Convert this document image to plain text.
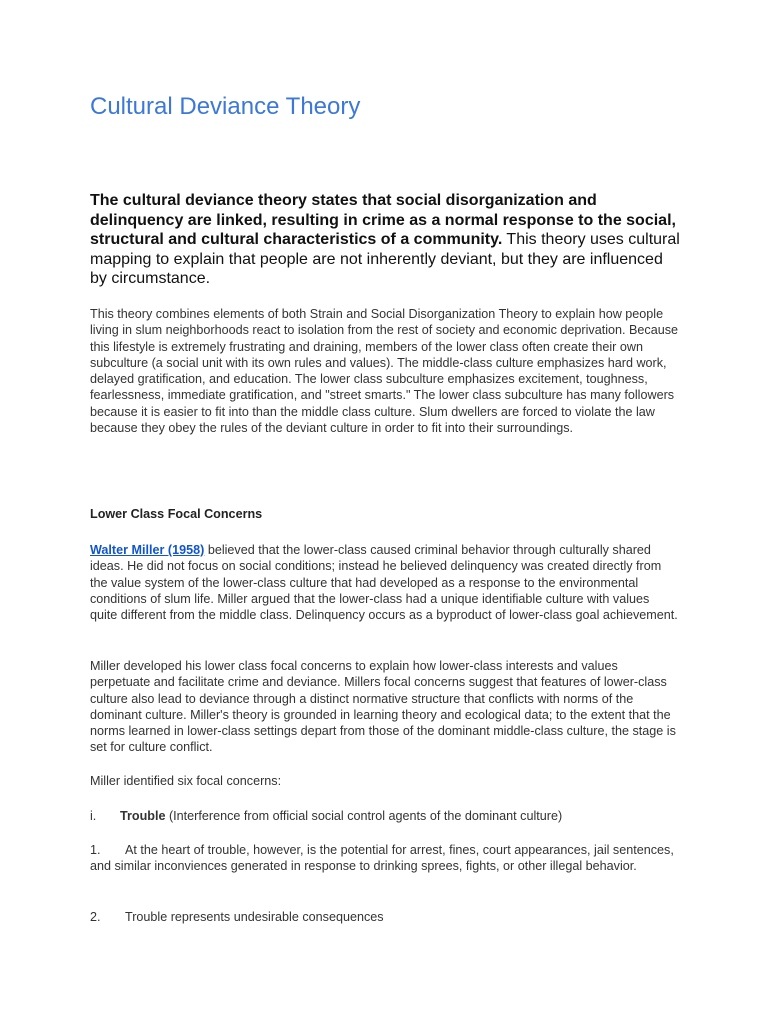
Cultural Deviance Theory

The cultural deviance theory states that social disorganization and delinquency are linked, resulting in crime as a normal response to the social, structural and cultural characteristics of a community. This theory uses cultural mapping to explain that people are not inherently deviant, but they are influenced by circumstance.

This theory combines elements of both Strain and Social Disorganization Theory to explain how people living in slum neighborhoods react to isolation from the rest of society and economic deprivation. Because this lifestyle is extremely frustrating and draining, members of the lower class often create their own subculture (a social unit with its own rules and values). The middle-class culture emphasizes hard work, delayed gratification, and education. The lower class subculture emphasizes excitement, toughness, fearlessness, immediate gratification, and "street smarts." The lower class subculture has many followers because it is easier to fit into than the middle class culture. Slum dwellers are forced to violate the law because they obey the rules of the deviant culture in order to fit into their surroundings.

Lower Class Focal Concerns

Walter Miller (1958) believed that the lower-class caused criminal behavior through culturally shared ideas. He did not focus on social conditions; instead he believed delinquency was created directly from the value system of the lower-class culture that had developed as a response to the environmental conditions of slum life. Miller argued that the lower-class had a unique identifiable culture with values quite different from the middle class. Delinquency occurs as a byproduct of lower-class goal achievement.

Miller developed his lower class focal concerns to explain how lower-class interests and values perpetuate and facilitate crime and deviance. Millers focal concerns suggest that features of lower-class culture also lead to deviance through a distinct normative structure that conflicts with norms of the dominant culture. Miller's theory is grounded in learning theory and ecological data; to the extent that the norms learned in lower-class settings depart from those of the dominant middle-class culture, the stage is set for culture conflict.

Miller identified six focal concerns:

i. Trouble (Interference from official social control agents of the dominant culture)

1. At the heart of trouble, however, is the potential for arrest, fines, court appearances, jail sentences, and similar inconviences generated in response to drinking sprees, fights, or other illegal behavior.

2. Trouble represents undesirable consequences
